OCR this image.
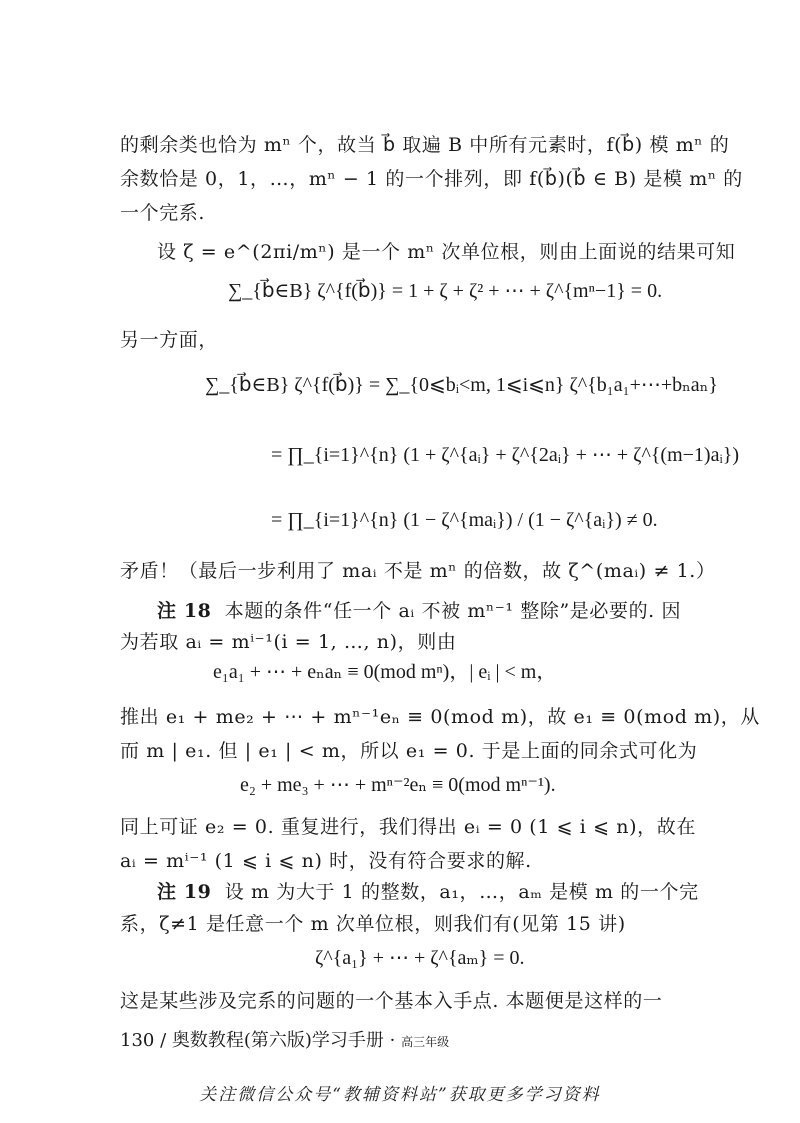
的剩余类也恰为 mⁿ 个，故当 b⃗ 取遍 B 中所有元素时，f(b⃗) 模 mⁿ 的
余数恰是 0，1，…，mⁿ − 1 的一个排列，即 f(b⃗)(b⃗ ∈ B) 是模 mⁿ 的
一个完系.
设 ζ = e^(2πi/mⁿ) 是一个 mⁿ 次单位根，则由上面说的结果可知
∑_{b⃗∈B} ζ^{f(b⃗)} = 1 + ζ + ζ² + ⋯ + ζ^{mⁿ−1} = 0.
另一方面，
∑_{b⃗∈B} ζ^{f(b⃗)} = ∑_{0⩽bᵢ<m, 1⩽i⩽n} ζ^{b₁a₁+⋯+bₙaₙ}
= ∏_{i=1}^{n} (1 + ζ^{aᵢ} + ζ^{2aᵢ} + ⋯ + ζ^{(m−1)aᵢ})
= ∏_{i=1}^{n} (1 − ζ^{maᵢ}) / (1 − ζ^{aᵢ}) ≠ 0.
矛盾！（最后一步利用了 maᵢ 不是 mⁿ 的倍数，故 ζ^(maᵢ) ≠ 1.）
注 18 本题的条件“任一个 aᵢ 不被 mⁿ⁻¹ 整除”是必要的. 因
为若取 aᵢ = mⁱ⁻¹(i = 1, …, n)，则由
e₁a₁ + ⋯ + eₙaₙ ≡ 0(mod mⁿ)，| eᵢ | < m，
推出 e₁ + me₂ + ⋯ + mⁿ⁻¹eₙ ≡ 0(mod m)，故 e₁ ≡ 0(mod m)，从
而 m | e₁. 但 | e₁ | < m，所以 e₁ = 0. 于是上面的同余式可化为
e₂ + me₃ + ⋯ + mⁿ⁻²eₙ ≡ 0(mod mⁿ⁻¹).
同上可证 e₂ = 0. 重复进行，我们得出 eᵢ = 0 (1 ⩽ i ⩽ n)，故在
aᵢ = mⁱ⁻¹ (1 ⩽ i ⩽ n) 时，没有符合要求的解.
注 19 设 m 为大于 1 的整数，a₁，…，aₘ 是模 m 的一个完
系，ζ≠1 是任意一个 m 次单位根，则我们有(见第 15 讲)
ζ^{a₁} + ⋯ + ζ^{aₘ} = 0.
这是某些涉及完系的问题的一个基本入手点. 本题便是这样的一
130 / 奥数教程(第六版)学习手册 · 高三年级
关注微信公众号“教辅资料站”获取更多学习资料
